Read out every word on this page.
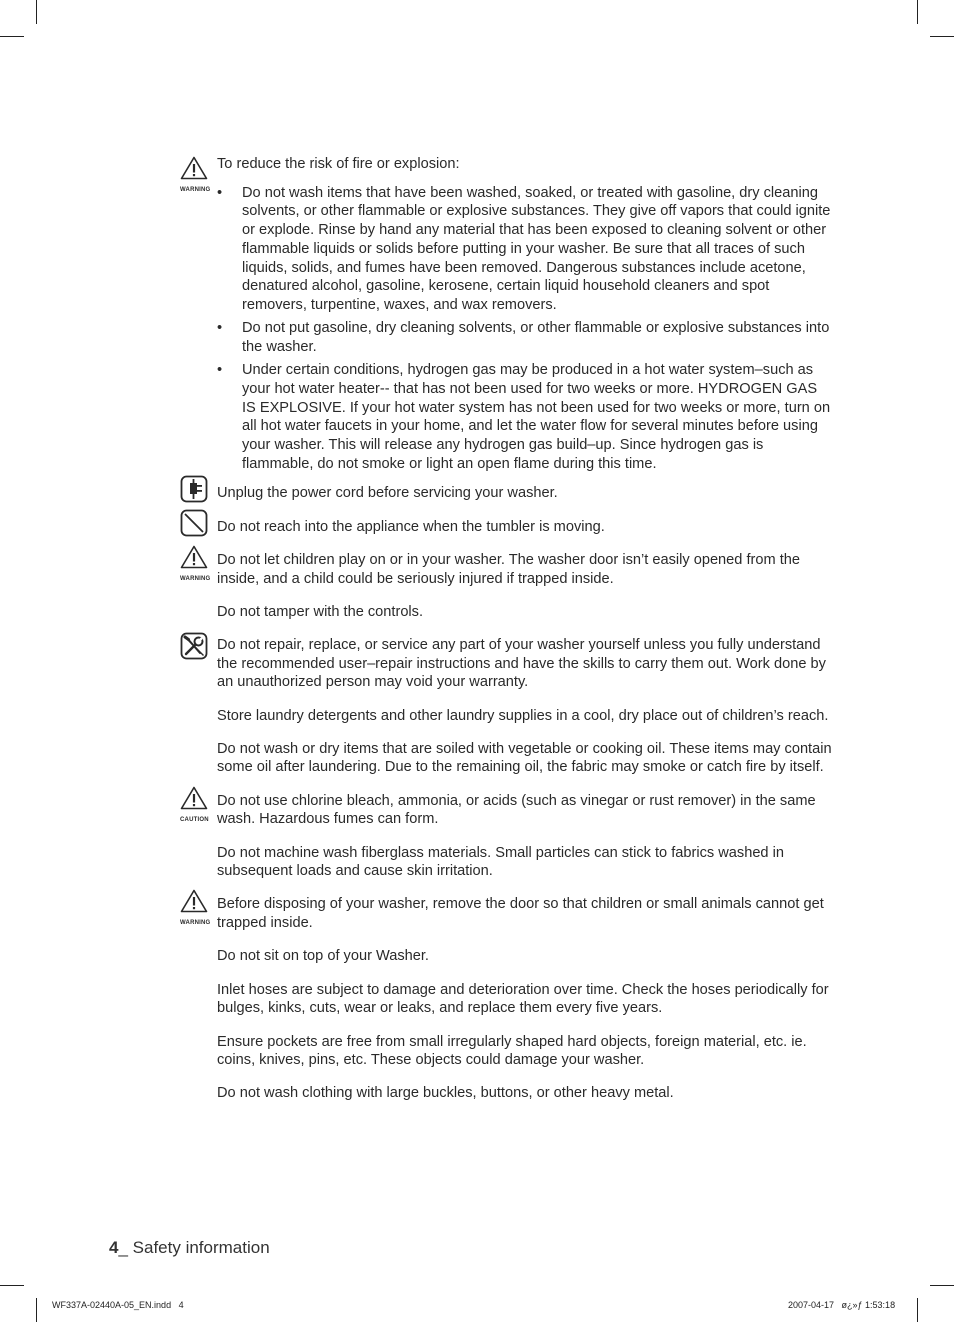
WARNING

To reduce the risk of fire or explosion:

• Do not wash items that have been washed, soaked, or treated with gasoline, dry cleaning solvents, or other flammable or explosive substances. They give off vapors that could ignite or explode. Rinse by hand any material that has been exposed to cleaning solvent or other flammable liquids or solids before putting in your washer. Be sure that all traces of such liquids, solids, and fumes have been removed. Dangerous substances include acetone, denatured alcohol, gasoline, kerosene, certain liquid household cleaners and spot removers, turpentine, waxes, and wax removers.
• Do not put gasoline, dry cleaning solvents, or other flammable or explosive substances into the washer.
• Under certain conditions, hydrogen gas may be produced in a hot water system–such as your hot water heater-- that has not been used for two weeks or more. HYDROGEN GAS IS EXPLOSIVE. If your hot water system has not been used for two weeks or more, turn on all hot water faucets in your home, and let the water flow for several minutes before using your washer. This will release any hydrogen gas build–up. Since hydrogen gas is flammable, do not smoke or light an open flame during this time.

Unplug the power cord before servicing your washer.

Do not reach into the appliance when the tumbler is moving.

WARNING

Do not let children play on or in your washer. The washer door isn’t easily opened from the inside, and a child could be seriously injured if trapped inside.

Do not tamper with the controls.

Do not repair, replace, or service any part of your washer yourself unless you fully understand the recommended user–repair instructions and have the skills to carry them out. Work done by an unauthorized person may void your warranty.

Store laundry detergents and other laundry supplies in a cool, dry place out of children’s reach.

Do not wash or dry items that are soiled with vegetable or cooking oil. These items may contain some oil after laundering. Due to the remaining oil, the fabric may smoke or catch fire by itself.

CAUTION

Do not use chlorine bleach, ammonia, or acids (such as vinegar or rust remover) in the same wash. Hazardous fumes can form.

Do not machine wash fiberglass materials. Small particles can stick to fabrics washed in subsequent loads and cause skin irritation.

WARNING

Before disposing of your washer, remove the door so that children or small animals cannot get trapped inside.

Do not sit on top of your Washer.

Inlet hoses are subject to damage and deterioration over time. Check the hoses periodically for bulges, kinks, cuts, wear or leaks, and replace them every five years.

Ensure pockets are free from small irregularly shaped hard objects, foreign material, etc. ie. coins, knives, pins, etc. These objects could damage your washer.

Do not wash clothing with large buckles, buttons, or other heavy metal.

4_ Safety information
WF337A-02440A-05_EN.indd   4	2007-04-17   ø¿»ƒ 1:53:18
